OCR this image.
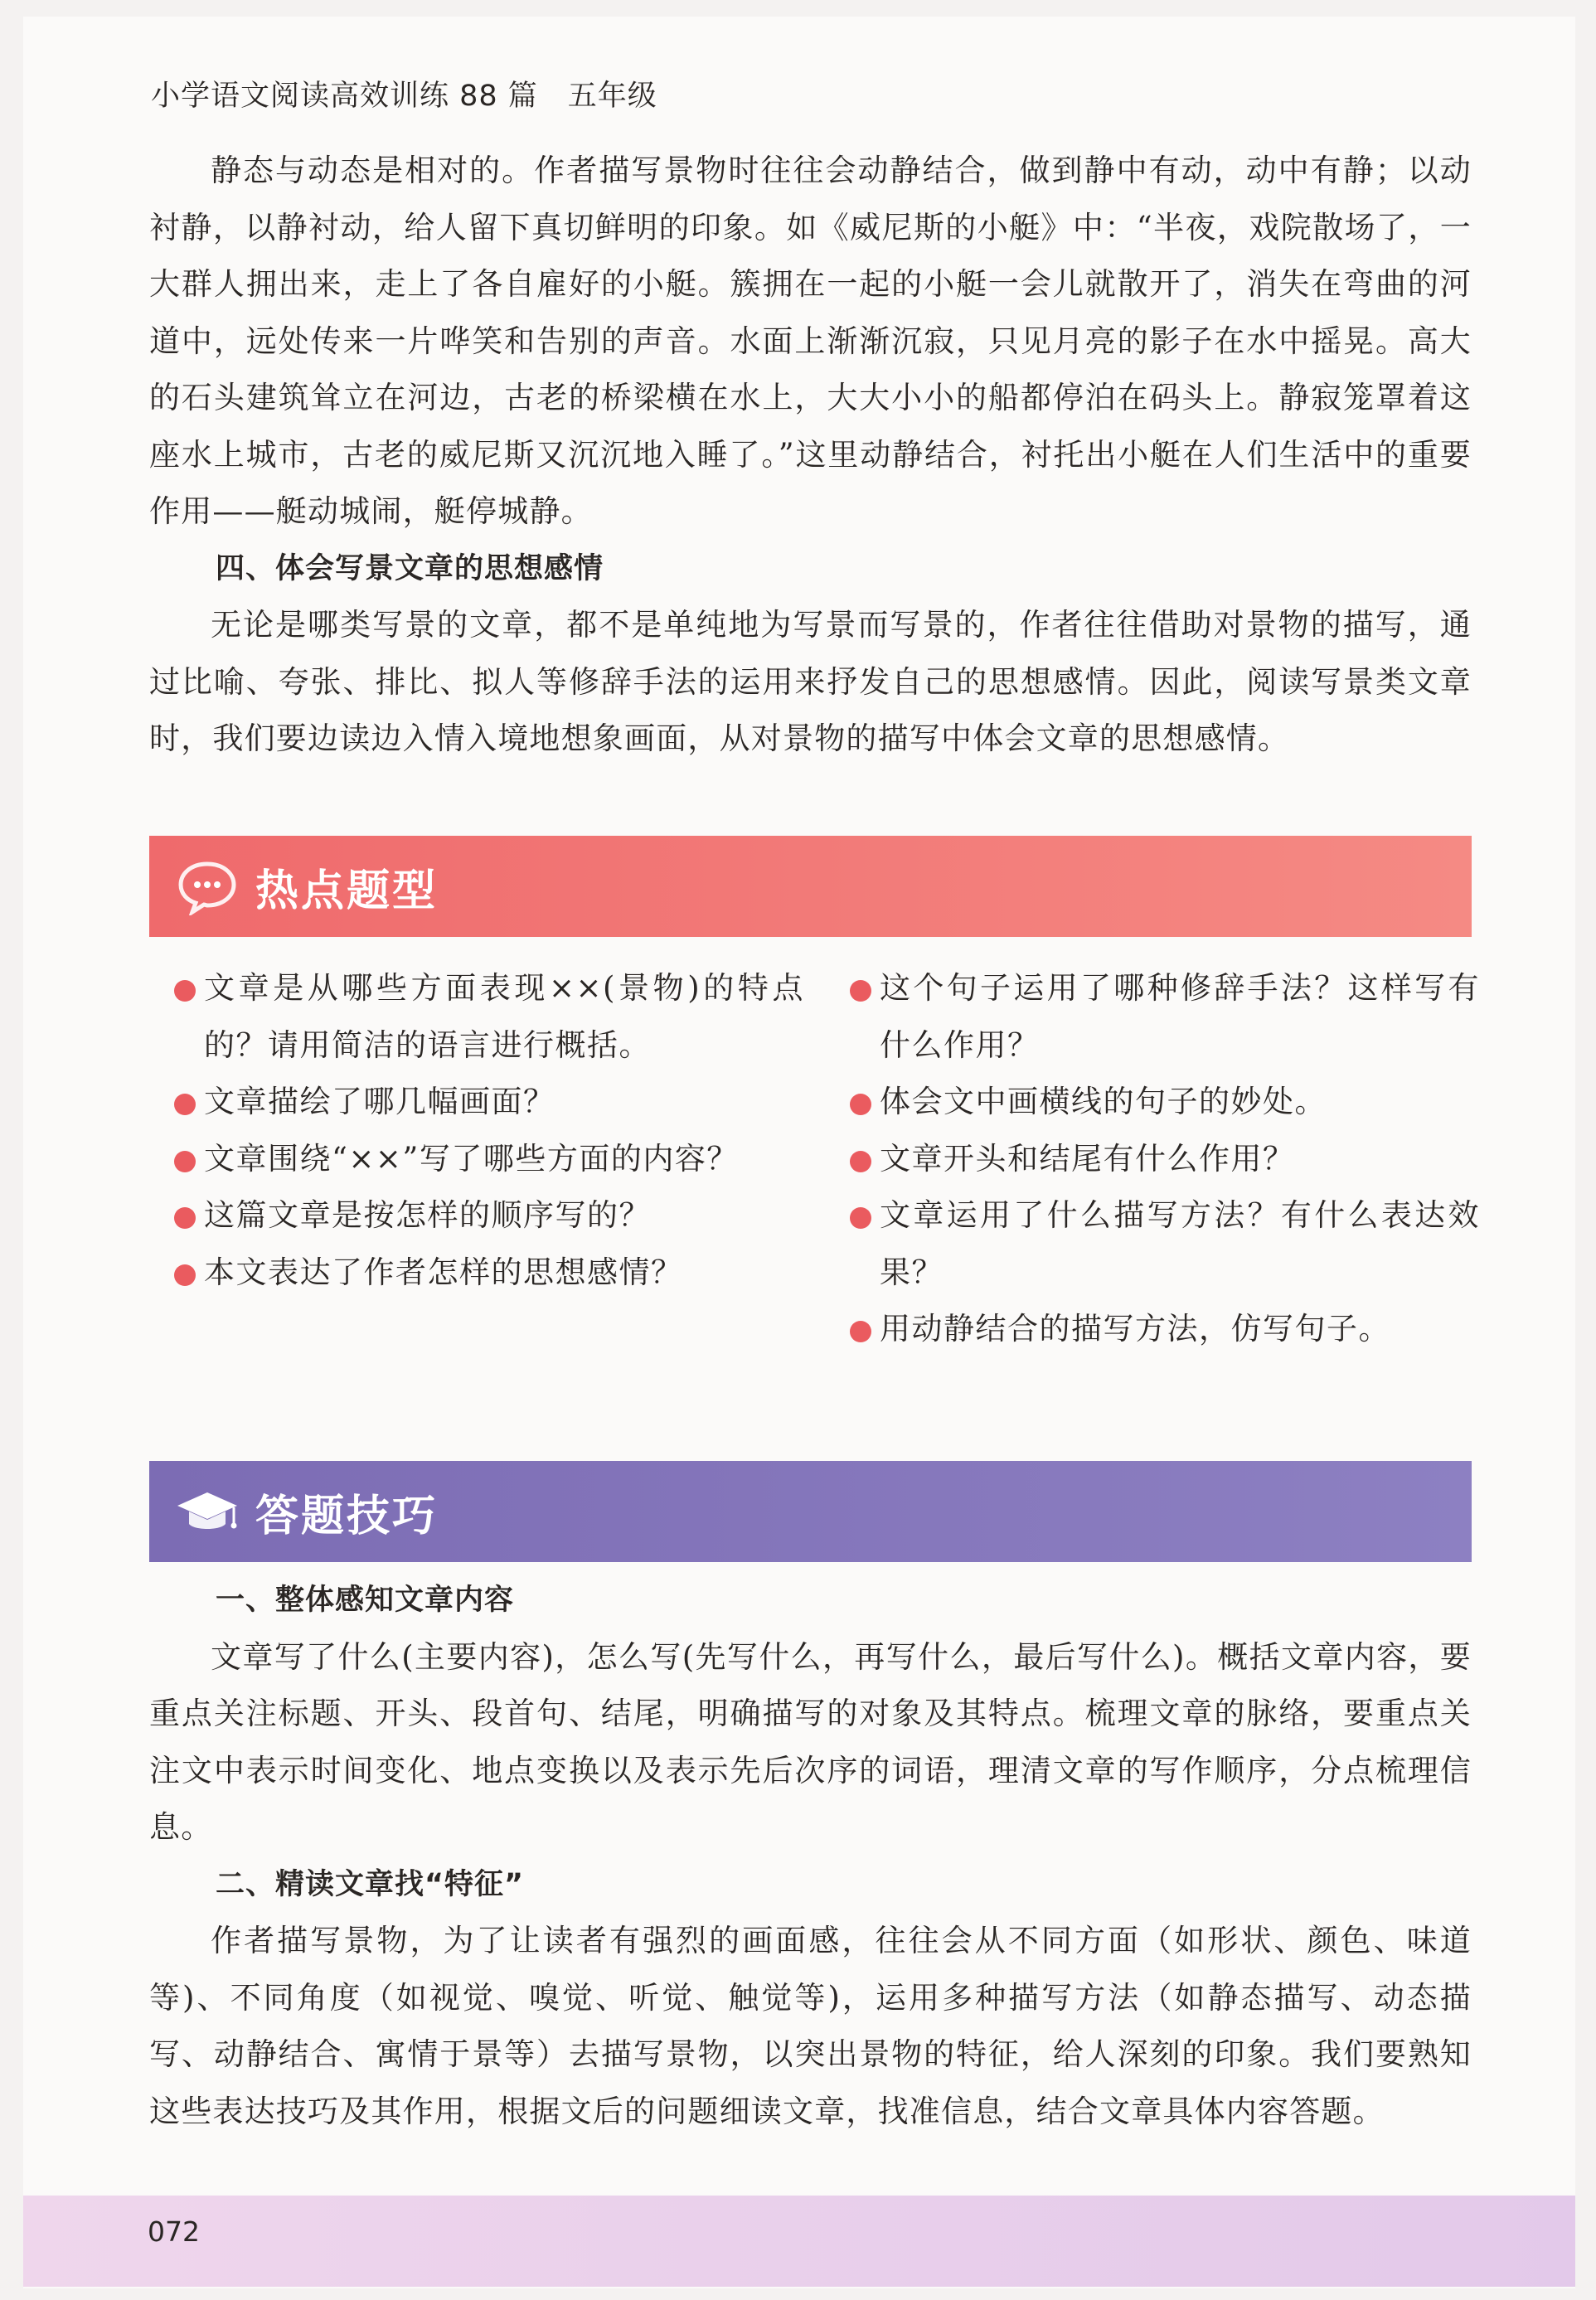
小学语文阅读高效训练 88 篇　五年级

静态与动态是相对的。作者描写景物时往往会动静结合，做到静中有动，动中有静；以动衬静，以静衬动，给人留下真切鲜明的印象。如《威尼斯的小艇》中：“半夜，戏院散场了，一大群人拥出来，走上了各自雇好的小艇。簇拥在一起的小艇一会儿就散开了，消失在弯曲的河道中，远处传来一片哗笑和告别的声音。水面上渐渐沉寂，只见月亮的影子在水中摇晃。高大的石头建筑耸立在河边，古老的桥梁横在水上，大大小小的船都停泊在码头上。静寂笼罩着这座水上城市，古老的威尼斯又沉沉地入睡了。”这里动静结合，衬托出小艇在人们生活中的重要作用——艇动城闹，艇停城静。

四、体会写景文章的思想感情

无论是哪类写景的文章，都不是单纯地为写景而写景的，作者往往借助对景物的描写，通过比喻、夸张、排比、拟人等修辞手法的运用来抒发自己的思想感情。因此，阅读写景类文章时，我们要边读边入情入境地想象画面，从对景物的描写中体会文章的思想感情。

热点题型
文章是从哪些方面表现××(景物)的特点的？请用简洁的语言进行概括。
文章描绘了哪几幅画面？
文章围绕“××”写了哪些方面的内容？
这篇文章是按怎样的顺序写的？
本文表达了作者怎样的思想感情？
这个句子运用了哪种修辞手法？这样写有什么作用？
体会文中画横线的句子的妙处。
文章开头和结尾有什么作用？
文章运用了什么描写方法？有什么表达效果？
用动静结合的描写方法，仿写句子。
答题技巧
一、整体感知文章内容

文章写了什么(主要内容)，怎么写(先写什么，再写什么，最后写什么)。概括文章内容，要重点关注标题、开头、段首句、结尾，明确描写的对象及其特点。梳理文章的脉络，要重点关注文中表示时间变化、地点变换以及表示先后次序的词语，理清文章的写作顺序，分点梳理信息。

二、精读文章找“特征”

作者描写景物，为了让读者有强烈的画面感，往往会从不同方面（如形状、颜色、味道等)、不同角度（如视觉、嗅觉、听觉、触觉等)，运用多种描写方法（如静态描写、动态描写、动静结合、寓情于景等）去描写景物，以突出景物的特征，给人深刻的印象。我们要熟知这些表达技巧及其作用，根据文后的问题细读文章，找准信息，结合文章具体内容答题。

072
